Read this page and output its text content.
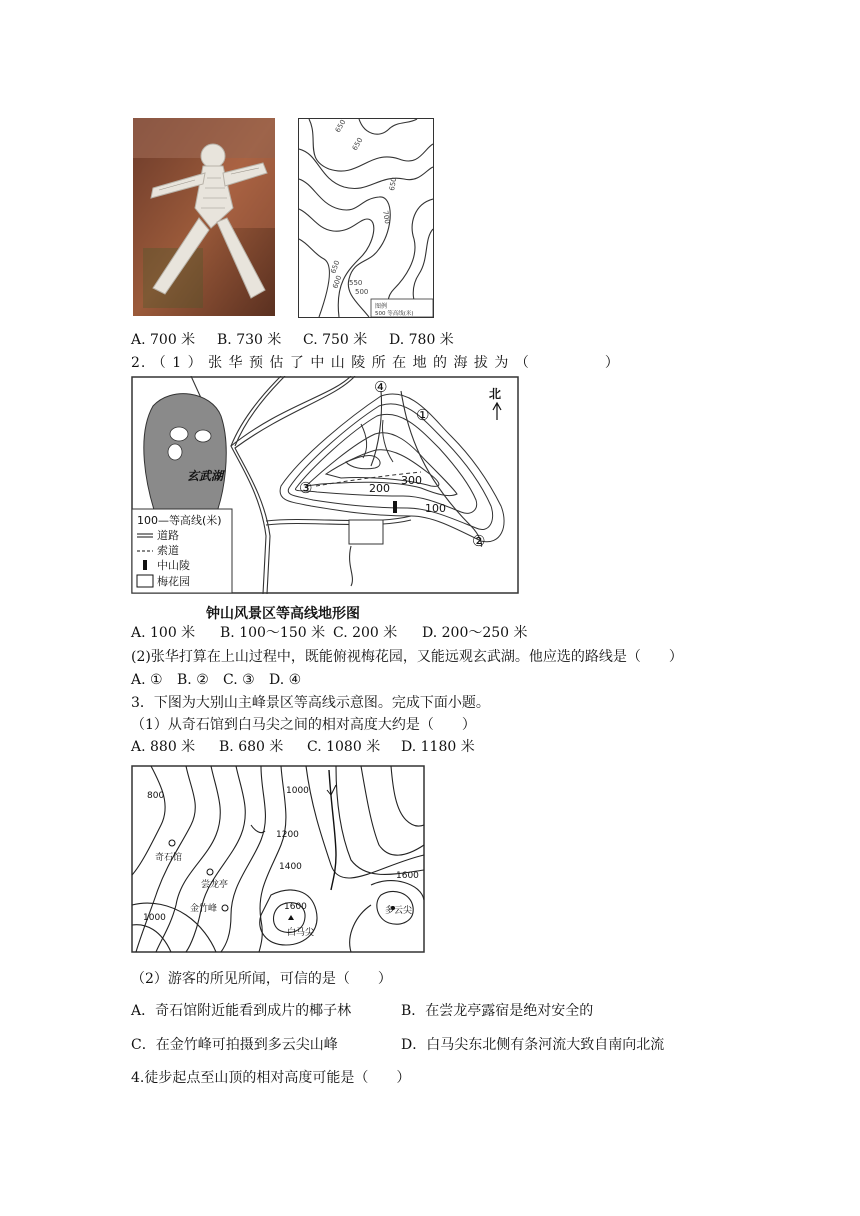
650
650
650
700
650
600 550
500
图例
500 等高线(米)
A. 700 米 B. 730 米 C. 750 米 D. 780 米
2. （ 1 ） 张 华 预 估 了 中 山 陵 所 在 地 的 海 拔 为 （　　　　　）
玄武湖
200
300
100
④
①
③
②
北
100—等高线(米)
道路
索道
中山陵
梅花园
钟山风景区等高线地形图
A. 100 米 B. 100～150 米 C. 200 米 D. 200～250 米
(2)张华打算在上山过程中，既能俯视梅花园，又能远观玄武湖。他应选的路线是（　　）
A. ① B. ② C. ③ D. ④
3．下图为大别山主峰景区等高线示意图。完成下面小题。
（1）从奇石馆到白马尖之间的相对高度大约是（　　）
A. 880 米 B. 680 米 C. 1080 米 D. 1180 米
800	1000
1200
1400
1600
1600
1000
奇石馆
尝龙亭
金竹峰
白马尖
多云尖
（2）游客的所见所闻，可信的是（　　）
A．奇石馆附近能看到成片的椰子林	B．在尝龙亭露宿是绝对安全的
C．在金竹峰可拍摄到多云尖山峰	D．白马尖东北侧有条河流大致自南向北流
4.徒步起点至山顶的相对高度可能是（　　）
